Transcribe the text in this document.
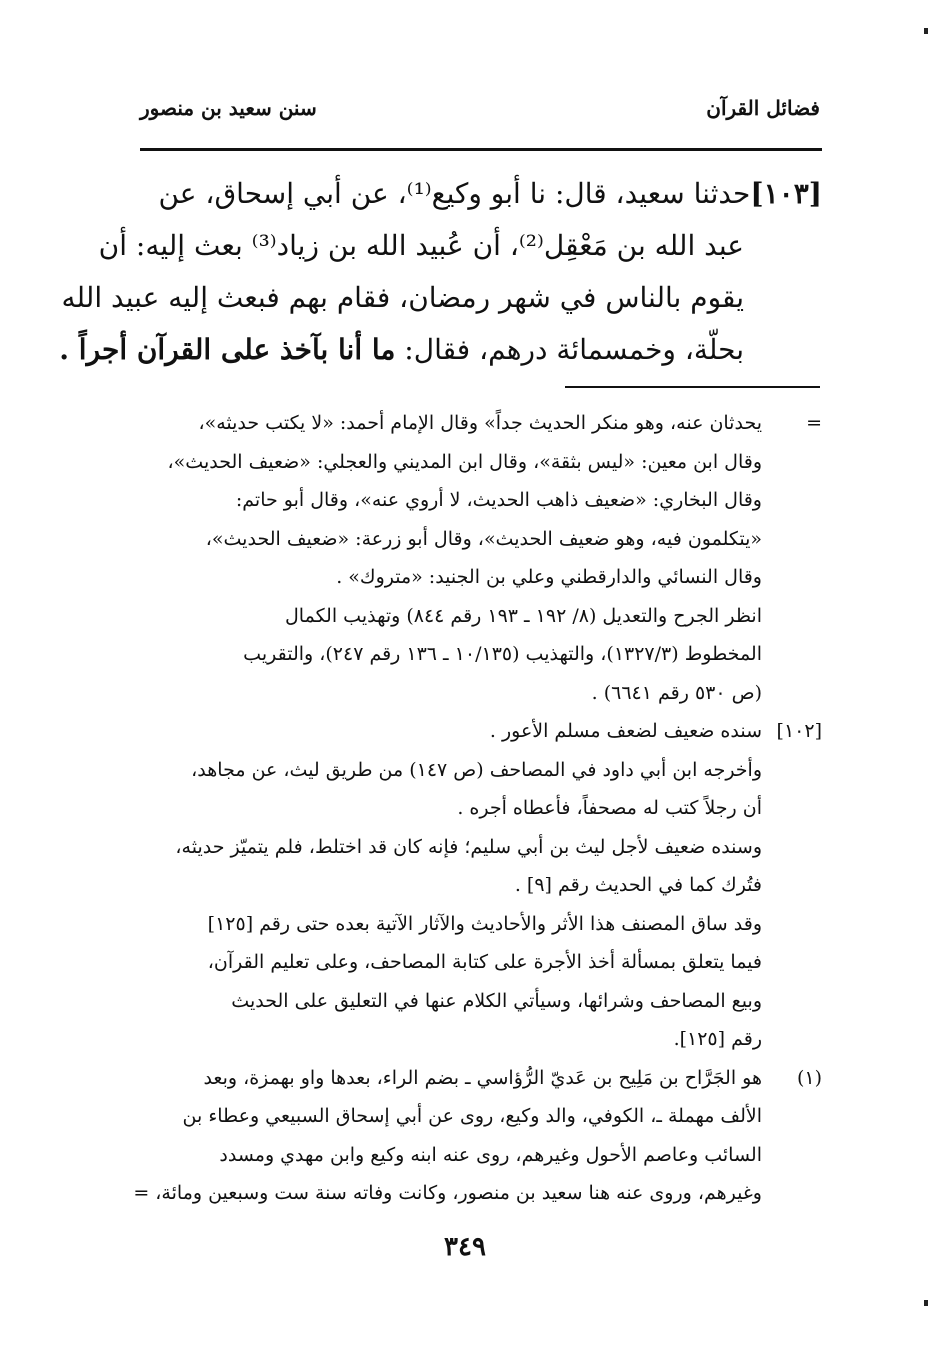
فضائل القرآن
سنن سعيد بن منصور
[١٠٣]حدثنا سعيد، قال: نا أبو وكيع⁽¹⁾، عن أبي إسحاق، عن
عبد الله بن مَعْقِل⁽²⁾، أن عُبيد الله بن زياد⁽³⁾ بعث إليه: أن
يقوم بالناس في شهر رمضان، فقام بهم فبعث إليه عبيد الله
بحلّة، وخمسمائة درهم، فقال: ما أنا بآخذ على القرآن أجراً .
=
يحدثان عنه، وهو منكر الحديث جداً» وقال الإمام أحمد: «لا يكتب حديثه»،
وقال ابن معين: «ليس بثقة»، وقال ابن المديني والعجلي: «ضعيف الحديث»،
وقال البخاري: «ضعيف ذاهب الحديث، لا أروي عنه»، وقال أبو حاتم:
«يتكلمون فيه، وهو ضعيف الحديث»، وقال أبو زرعة: «ضعيف الحديث»،
وقال النسائي والدارقطني وعلي بن الجنيد: «متروك» .
انظر الجرح والتعديل (٨/ ١٩٢ ـ ١٩٣ رقم ٨٤٤) وتهذيب الكمال
المخطوط (١٣٢٧/٣)، والتهذيب (١٠/١٣٥ ـ ١٣٦ رقم ٢٤٧)، والتقريب
(ص ٥٣٠ رقم ٦٦٤١) .
[١٠٢]
سنده ضعيف لضعف مسلم الأعور .
وأخرجه ابن أبي داود في المصاحف (ص ١٤٧) من طريق ليث، عن مجاهد،
أن رجلاً كتب له مصحفاً، فأعطاه أجره .
وسنده ضعيف لأجل ليث بن أبي سليم؛ فإنه كان قد اختلط، فلم يتميّز حديثه،
فتُرك كما في الحديث رقم [٩] .
وقد ساق المصنف هذا الأثر والأحاديث والآثار الآتية بعده حتى رقم [١٢٥]
فيما يتعلق بمسألة أخذ الأجرة على كتابة المصاحف، وعلى تعليم القرآن،
وبيع المصاحف وشرائها، وسيأتي الكلام عنها في التعليق على الحديث
رقم [١٢٥].
(١)
هو الجَرَّاح بن مَلِيح بن عَديّ الرُّؤاسي ـ بضم الراء، بعدها واو بهمزة، وبعد
الألف مهملة ـ، الكوفي، والد وكيع، روى عن أبي إسحاق السبيعي وعطاء بن
السائب وعاصم الأحول وغيرهم، روى عنه ابنه وكيع وابن مهدي ومسدد
وغيرهم، وروى عنه هنا سعيد بن منصور، وكانت وفاته سنة ست وسبعين ومائة، =
٣٤٩
